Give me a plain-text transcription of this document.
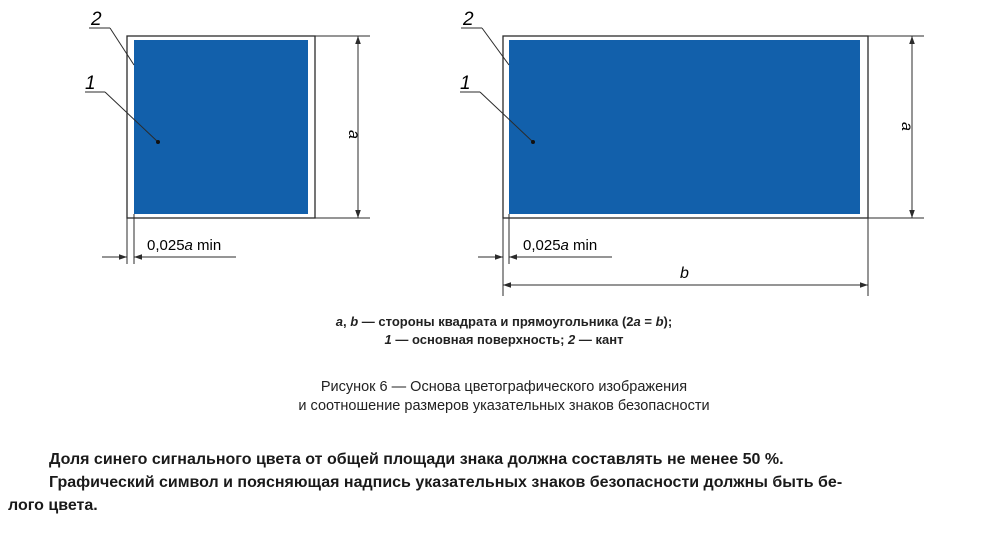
2
1
a
0,025a min
2
1
a
b
0,025a min
a, b — стороны квадрата и прямоугольника (2a = b);
1 — основная поверхность; 2 — кант
Рисунок 6 — Основа цветографического изображения
и соотношение размеров указательных знаков безопасности
Доля синего сигнального цвета от общей площади знака должна составлять не менее 50 %.
Графический символ и поясняющая надпись указательных знаков безопасности должны быть бе-
лого цвета.
